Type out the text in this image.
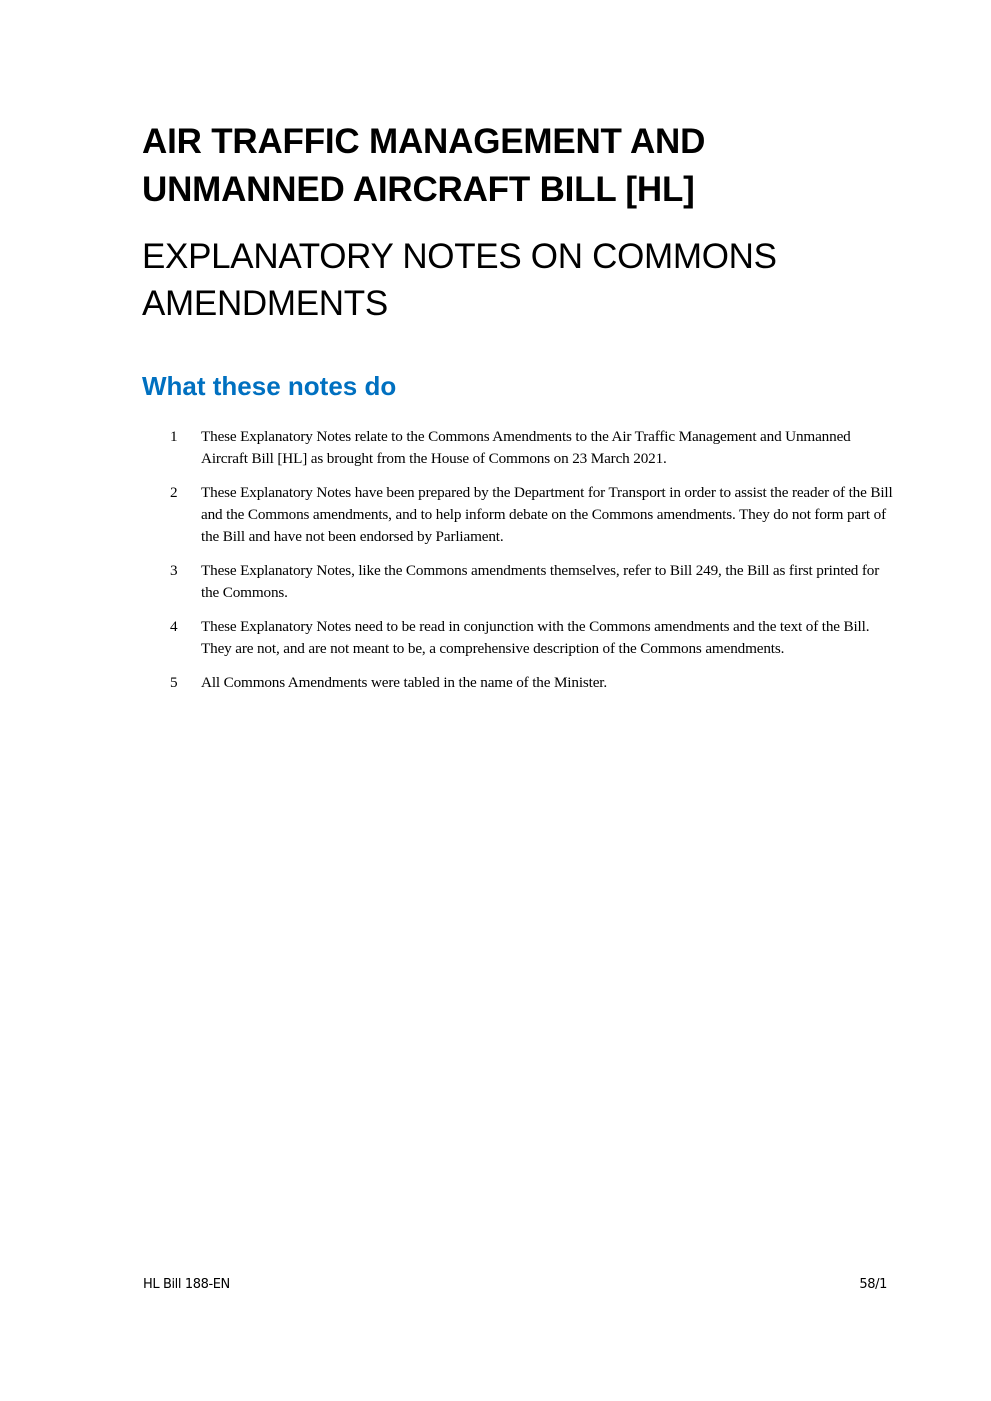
AIR TRAFFIC MANAGEMENT AND
UNMANNED AIRCRAFT BILL [HL]
EXPLANATORY NOTES ON COMMONS
AMENDMENTS
What these notes do
1	These Explanatory Notes relate to the Commons Amendments to the Air Traffic Management and Unmanned Aircraft Bill [HL] as brought from the House of Commons on 23 March 2021.
2	These Explanatory Notes have been prepared by the Department for Transport in order to assist the reader of the Bill and the Commons amendments, and to help inform debate on the Commons amendments. They do not form part of the Bill and have not been endorsed by Parliament.
3	These Explanatory Notes, like the Commons amendments themselves, refer to Bill 249, the Bill as first printed for the Commons.
4	These Explanatory Notes need to be read in conjunction with the Commons amendments and the text of the Bill. They are not, and are not meant to be, a comprehensive description of the Commons amendments.
5	All Commons Amendments were tabled in the name of the Minister.
HL Bill 188-EN	58/1
